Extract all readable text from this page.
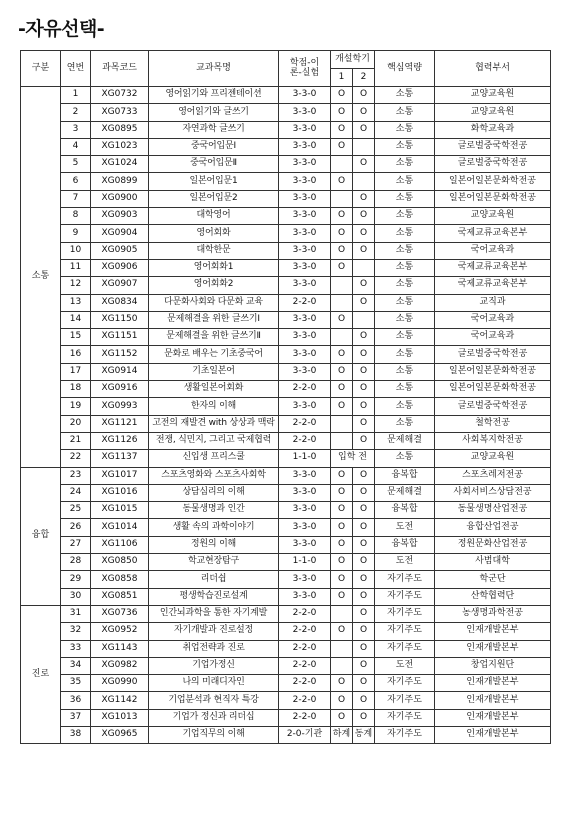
-자유선택-
구분	연번	과목코드	교과목명	학점-이론-실험	개설학기		핵심역량	협력부서
					1	2		
소통	1	XG0732	영어읽기와 프리젠테이션	3-3-0	O	O	소통	교양교육원
	2	XG0733	영어읽기와 글쓰기	3-3-0	O	O	소통	교양교육원
	3	XG0895	자연과학 글쓰기	3-3-0	O	O	소통	화학교육과
	4	XG1023	중국어입문Ⅰ	3-3-0	O		소통	글로벌중국학전공
	5	XG1024	중국어입문Ⅱ	3-3-0		O	소통	글로벌중국학전공
	6	XG0899	일본어입문1	3-3-0	O		소통	일본어일본문화학전공
	7	XG0900	일본어입문2	3-3-0		O	소통	일본어일본문화학전공
	8	XG0903	대학영어	3-3-0	O	O	소통	교양교육원
	9	XG0904	영어회화	3-3-0	O	O	소통	국제교류교육본부
	10	XG0905	대학한문	3-3-0	O	O	소통	국어교육과
	11	XG0906	영어회화1	3-3-0	O		소통	국제교류교육본부
	12	XG0907	영어회화2	3-3-0		O	소통	국제교류교육본부
	13	XG0834	다문화사회와 다문화 교육	2-2-0		O	소통	교직과
	14	XG1150	문제해결을 위한 글쓰기Ⅰ	3-3-0	O		소통	국어교육과
	15	XG1151	문제해결을 위한 글쓰기Ⅱ	3-3-0		O	소통	국어교육과
	16	XG1152	문화로 배우는 기초중국어	3-3-0	O	O	소통	글로벌중국학전공
	17	XG0914	기초일본어	3-3-0	O	O	소통	일본어일본문화학전공
	18	XG0916	생활일본어회화	2-2-0	O	O	소통	일본어일본문화학전공
	19	XG0993	한자의 이해	3-3-0	O	O	소통	글로벌중국학전공
	20	XG1121	고전의 재발견 with 상상과 맥락	2-2-0		O	소통	철학전공
	21	XG1126	전쟁, 식민지, 그리고 국제협력	2-2-0		O	문제해결	사회복지학전공
	22	XG1137	신입생 프리스쿨	1-1-0	입학 전		소통	교양교육원
융합	23	XG1017	스포츠영화와 스포츠사회학	3-3-0	O	O	융복합	스포츠레저전공
	24	XG1016	상담심리의 이해	3-3-0	O	O	문제해결	사회서비스상담전공
	25	XG1015	동물생명과 인간	3-3-0	O	O	융복합	동물생명산업전공
	26	XG1014	생활 속의 과학이야기	3-3-0	O	O	도전	융합산업전공
	27	XG1106	정원의 이해	3-3-0	O	O	융복합	정원문화산업전공
	28	XG0850	학교현장탐구	1-1-0	O	O	도전	사범대학
	29	XG0858	리더쉽	3-3-0	O	O	자기주도	학군단
	30	XG0851	평생학습진로설계	3-3-0	O	O	자기주도	산학협력단
진로	31	XG0736	인간뇌과학을 통한 자기계발	2-2-0		O	자기주도	농생명과학전공
	32	XG0952	자기개발과 진로설정	2-2-0	O	O	자기주도	인재개발본부
	33	XG1143	취업전략과 진로	2-2-0		O	자기주도	인재개발본부
	34	XG0982	기업가정신	2-2-0		O	도전	창업지원단
	35	XG0990	나의 미래디자인	2-2-0	O	O	자기주도	인재개발본부
	36	XG1142	기업분석과 현직자 특강	2-2-0	O	O	자기주도	인재개발본부
	37	XG1013	기업가 정신과 리더십	2-2-0	O	O	자기주도	인재개발본부
	38	XG0965	기업직무의 이해	2-0-기관	하계	동계	자기주도	인재개발본부
